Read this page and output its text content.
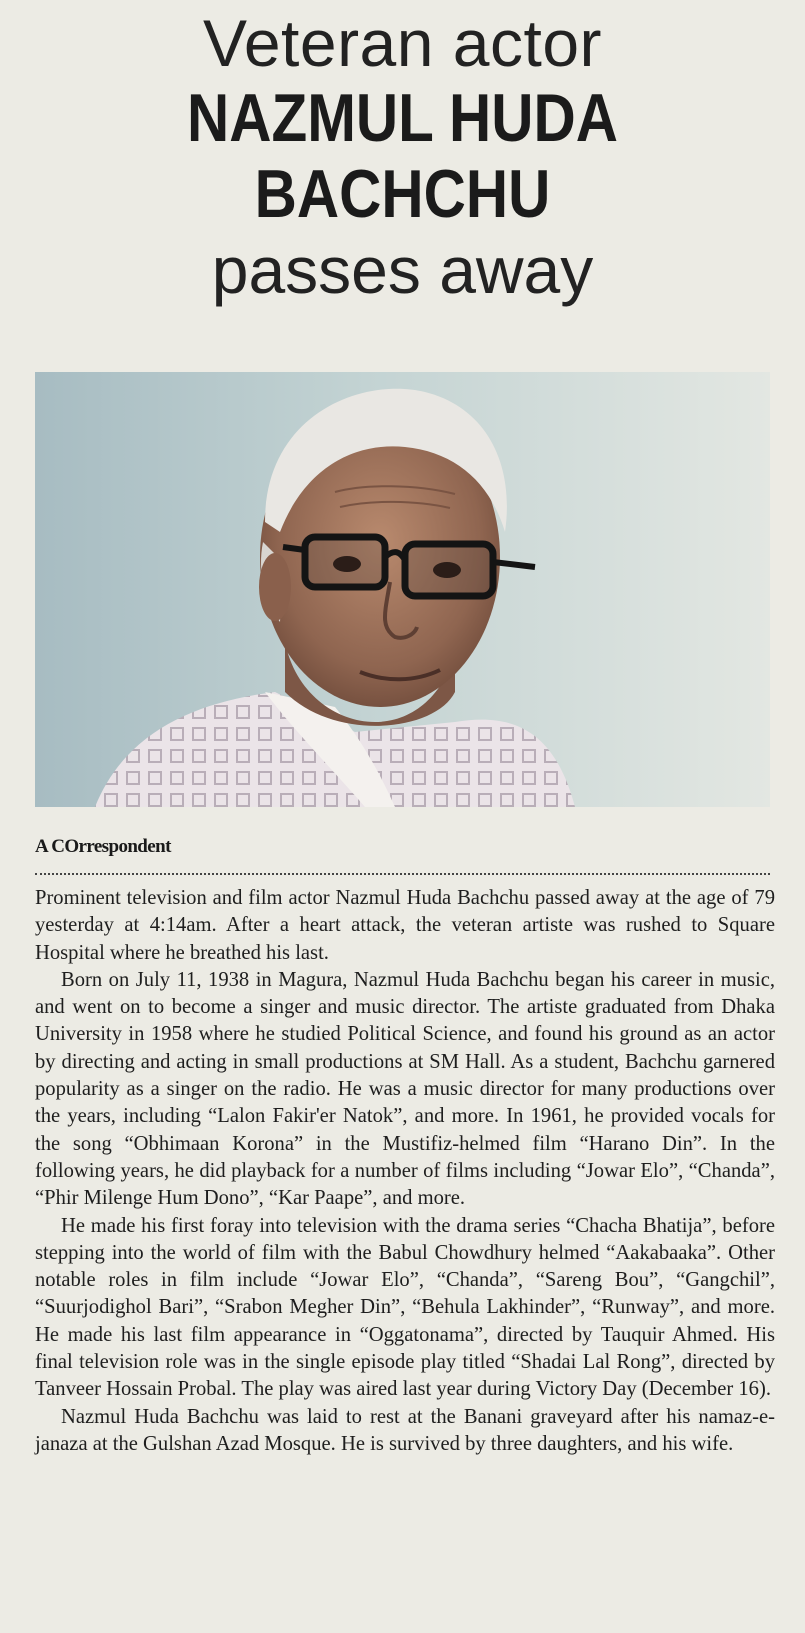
Veteran actor
NAZMUL HUDA
BACHCHU
passes away
A COrrespondent

Prominent television and film actor Nazmul Huda Bachchu passed away at the age of 79 yesterday at 4:14am. After a heart attack, the veteran artiste was rushed to Square Hospital where he breathed his last.

Born on July 11, 1938 in Magura, Nazmul Huda Bachchu began his career in music, and went on to become a singer and music director. The artiste graduated from Dhaka University in 1958 where he studied Political Science, and found his ground as an actor by directing and acting in small productions at SM Hall. As a student, Bachchu garnered popularity as a singer on the radio. He was a music director for many productions over the years, including “Lalon Fakir'er Natok”, and more. In 1961, he provided vocals for the song “Obhimaan Korona” in the Mustifiz-helmed film “Harano Din”. In the following years, he did playback for a number of films including “Jowar Elo”, “Chanda”, “Phir Milenge Hum Dono”, “Kar Paape”, and more.

He made his first foray into television with the drama series “Chacha Bhatija”, before stepping into the world of film with the Babul Chowdhury helmed “Aakabaaka”. Other notable roles in film include “Jowar Elo”, “Chanda”, “Sareng Bou”, “Gangchil”, “Suurjodighol Bari”, “Srabon Megher Din”, “Behula Lakhinder”, “Runway”, and more. He made his last film appearance in “Oggatonama”, directed by Tauquir Ahmed. His final television role was in the single episode play titled “Shadai Lal Rong”, directed by Tanveer Hossain Probal. The play was aired last year during Victory Day (December 16).

Nazmul Huda Bachchu was laid to rest at the Banani graveyard after his namaz-e-janaza at the Gulshan Azad Mosque. He is survived by three daughters, and his wife.
